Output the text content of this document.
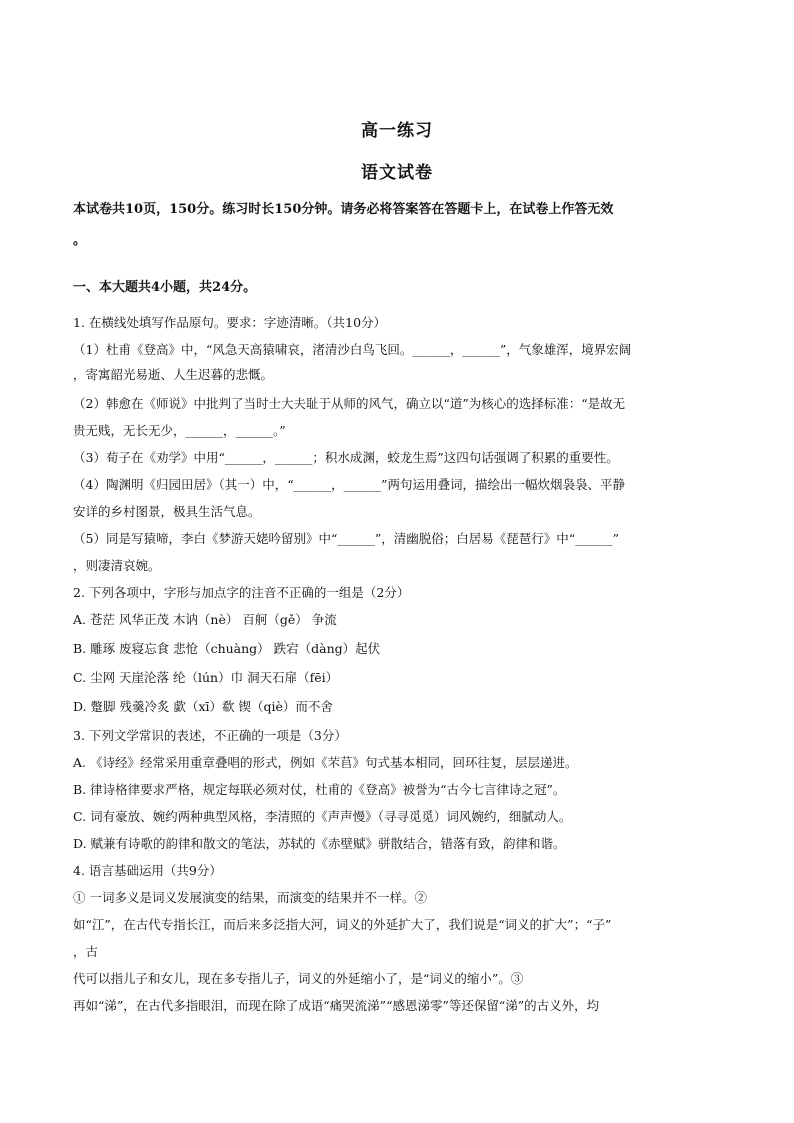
高一练习
语文试卷
本试卷共10页，150分。练习时长150分钟。请务必将答案答在答题卡上，在试卷上作答无效
。
一、本大题共4小题，共24分。
1. 在横线处填写作品原句。要求：字迹清晰。（共10分）
（1）杜甫《登高》中，“风急天高猿啸哀，渚清沙白鸟飞回。______，______”，气象雄浑，境界宏阔
，寄寓韶光易逝、人生迟暮的悲慨。
（2）韩愈在《师说》中批判了当时士大夫耻于从师的风气，确立以“道”为核心的选择标准：“是故无
贵无贱，无长无少，______，______。”
（3）荀子在《劝学》中用“______，______；积水成渊，蛟龙生焉”这四句话强调了积累的重要性。
（4）陶渊明《归园田居》（其一）中，“______，______”两句运用叠词，描绘出一幅炊烟袅袅、平静
安详的乡村图景，极具生活气息。
（5）同是写猿啼，李白《梦游天姥吟留别》中“______”，清幽脱俗；白居易《琵琶行》中“______”
，则凄清哀婉。
2. 下列各项中，字形与加点字的注音不正确的一组是（2分）
A. 苍茫 风华正茂 木讷（nè） 百舸（gě） 争流
B. 雕琢 废寝忘食 悲怆（chuàng） 跌宕（dàng）起伏
C. 尘网 天崖沦落 纶（lún）巾 洞天石扉（fēi）
D. 蹩脚 残羹冷炙 歔（xī）欷 锲（qiè）而不舍
3. 下列文学常识的表述，不正确的一项是（3分）
A. 《诗经》经常采用重章叠唱的形式，例如《芣苢》句式基本相同，回环往复，层层递进。
B. 律诗格律要求严格，规定每联必须对仗，杜甫的《登高》被誉为“古今七言律诗之冠”。
C. 词有豪放、婉约两种典型风格，李清照的《声声慢》（寻寻觅觅）词风婉约，细腻动人。
D. 赋兼有诗歌的韵律和散文的笔法，苏轼的《赤壁赋》骈散结合，错落有致，韵律和谐。
4. 语言基础运用（共9分）
① 一词多义是词义发展演变的结果，而演变的结果并不一样。②
如“江”，在古代专指长江，而后来多泛指大河，词义的外延扩大了，我们说是“词义的扩大”；“子”
，古
代可以指儿子和女儿，现在多专指儿子，词义的外延缩小了，是“词义的缩小”。③
再如“涕”，在古代多指眼泪，而现在除了成语“痛哭流涕”“感恩涕零”等还保留“涕”的古义外，均
